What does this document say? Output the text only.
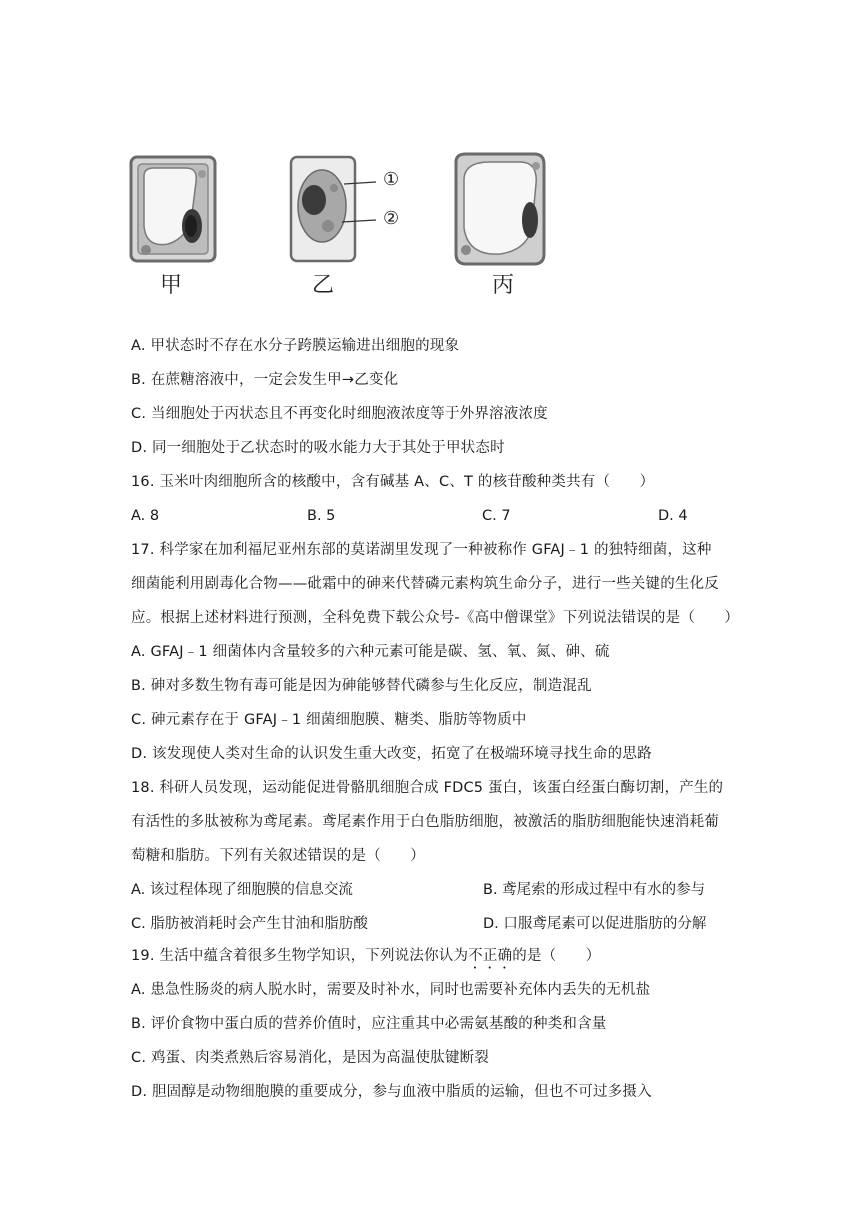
甲
①
②
乙	丙
A. 甲状态时不存在水分子跨膜运输进出细胞的现象
B. 在蔗糖溶液中，一定会发生甲→乙变化
C. 当细胞处于丙状态且不再变化时细胞液浓度等于外界溶液浓度
D. 同一细胞处于乙状态时的吸水能力大于其处于甲状态时
16. 玉米叶肉细胞所含的核酸中，含有碱基 A、C、T 的核苷酸种类共有（　　）
A. 8	B. 5	C. 7	D. 4
17. 科学家在加利福尼亚州东部的莫诺湖里发现了一种被称作 GFAJ﹣1 的独特细菌，这种
细菌能利用剧毒化合物——砒霜中的砷来代替磷元素构筑生命分子，进行一些关键的生化反
应。根据上述材料进行预测，全科免费下载公众号-《高中僧课堂》下列说法错误的是（　　）
A. GFAJ﹣1 细菌体内含量较多的六种元素可能是碳、氢、氧、氮、砷、硫
B. 砷对多数生物有毒可能是因为砷能够替代磷参与生化反应，制造混乱
C. 砷元素存在于 GFAJ﹣1 细菌细胞膜、糖类、脂肪等物质中
D. 该发现使人类对生命的认识发生重大改变，拓宽了在极端环境寻找生命的思路
18. 科研人员发现，运动能促进骨骼肌细胞合成 FDC5 蛋白，该蛋白经蛋白酶切割，产生的
有活性的多肽被称为鸢尾素。鸢尾素作用于白色脂肪细胞，被激活的脂肪细胞能快速消耗葡
萄糖和脂肪。下列有关叙述错误的是（　　）
A. 该过程体现了细胞膜的信息交流	B. 鸢尾索的形成过程中有水的参与
C. 脂肪被消耗时会产生甘油和脂肪酸	D. 口服鸢尾素可以促进脂肪的分解
19. 生活中蕴含着很多生物学知识，下列说法你认为不正确的是（　　）
A. 患急性肠炎的病人脱水时，需要及时补水，同时也需要补充体内丢失的无机盐
B. 评价食物中蛋白质的营养价值时，应注重其中必需氨基酸的种类和含量
C. 鸡蛋、肉类煮熟后容易消化，是因为高温使肽键断裂
D. 胆固醇是动物细胞膜的重要成分，参与血液中脂质的运输，但也不可过多摄入
